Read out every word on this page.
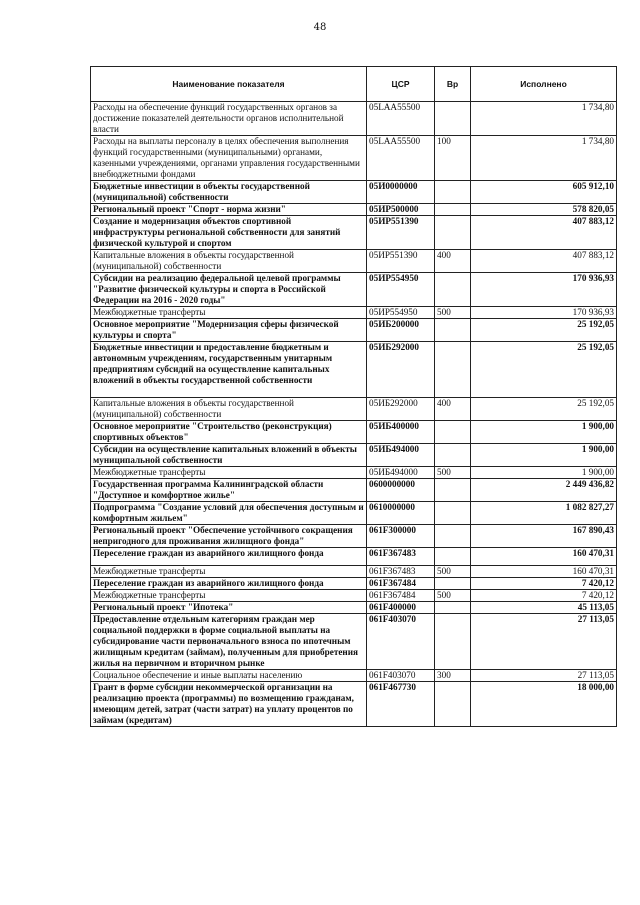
48
Наименование показателя	ЦСР	Вр	Исполнено
Расходы на обеспечение функций государственных органов за достижение показателей деятельности органов исполнительной власти	05LAA55500		1 734,80
Расходы на выплаты персоналу в целях обеспечения выполнения функций государственными (муниципальными) органами, казенными учреждениями, органами управления государственными внебюджетными фондами	05LAA55500	100	1 734,80
Бюджетные инвестиции в объекты государственной (муниципальной) собственности	05И0000000		605 912,10
Региональный проект "Спорт - норма жизни"	05ИP500000		578 820,05
Создание и модернизация объектов спортивной инфраструктуры региональной собственности для занятий физической культурой и спортом	05ИP551390		407 883,12
Капитальные вложения в объекты государственной (муниципальной) собственности	05ИP551390	400	407 883,12
Субсидии на реализацию федеральной целевой программы "Развитие физической культуры и спорта в Российской Федерации на 2016 - 2020 годы"	05ИP554950		170 936,93
Межбюджетные трансферты	05ИP554950	500	170 936,93
Основное мероприятие "Модернизация сферы физической культуры и спорта"	05ИБ200000		25 192,05
Бюджетные инвестиции и предоставление бюджетным и автономным учреждениям, государственным унитарным предприятиям субсидий на осуществление капитальных вложений в объекты государственной собственности	05ИБ292000		25 192,05
Капитальные вложения в объекты государственной (муниципальной) собственности	05ИБ292000	400	25 192,05
Основное мероприятие "Строительство (реконструкция) спортивных объектов"	05ИБ400000		1 900,00
Субсидии на осуществление капитальных вложений в объекты муниципальной собственности	05ИБ494000		1 900,00
Межбюджетные трансферты	05ИБ494000	500	1 900,00
Государственная программа Калининградской области "Доступное и комфортное жилье"	0600000000		2 449 436,82
Подпрограмма "Создание условий для обеспечения доступным и комфортным жильем"	0610000000		1 082 827,27
Региональный проект "Обеспечение устойчивого сокращения непригодного для проживания жилищного фонда"	061F300000		167 890,43
Переселение граждан из аварийного жилищного фонда	061F367483		160 470,31
Межбюджетные трансферты	061F367483	500	160 470,31
Переселение граждан из аварийного жилищного фонда	061F367484		7 420,12
Межбюджетные трансферты	061F367484	500	7 420,12
Региональный проект "Ипотека"	061F400000		45 113,05
Предоставление отдельным категориям граждан мер социальной поддержки в форме социальной выплаты на субсидирование части первоначального взноса по ипотечным жилищным кредитам (займам), полученным для приобретения жилья на первичном и вторичном рынке	061F403070		27 113,05
Социальное обеспечение и иные выплаты населению	061F403070	300	27 113,05
Грант в форме субсидии некоммерческой организации на реализацию проекта (программы) по возмещению гражданам, имеющим детей, затрат (части затрат) на уплату процентов по займам (кредитам)	061F467730		18 000,00
